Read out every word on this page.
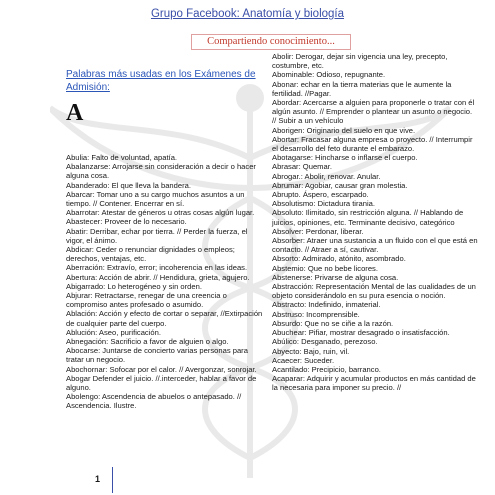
Grupo Facebook: Anatomía y biología
Compartiendo conocimiento...
Palabras más usadas en los Exámenes de Admisión:
A

Abulia: Falto de voluntad, apatía.

Abalanzarse: Arrojarse sin consideración a decir o hacer alguna cosa.

Abanderado: El que lleva la bandera.

Abarcar: Tomar uno a su cargo muchos asuntos a un tiempo. // Contener. Encerrar en sí.

Abarrotar: Atestar de géneros u otras cosas algún lugar.

Abastecer: Proveer de lo necesario.

Abatir: Derribar, echar por tierra. // Perder la fuerza, el vigor, el ánimo.

Abdicar: Ceder o renunciar dignidades o empleos; derechos, ventajas, etc.

Aberración: Extravío, error; incoherencia en las ideas.

Abertura: Acción de abrir. // Hendidura, grieta, agujero.

Abigarrado: Lo heterogéneo y sin orden.

Abjurar: Retractarse, renegar de una creencia o compromiso antes profesado o asumido.

Ablación: Acción y efecto de cortar o separar, //Extirpación de cualquier parte del cuerpo.

Ablución: Aseo, purificación.

Abnegación: Sacrificio a favor de alguien o algo.

Abocarse: Juntarse de concierto varias personas para tratar un negocio.

Abochornar: Sofocar por el calor. // Avergonzar, sonrojar.

Abogar Defender el juicio. //.interceder, hablar a favor de alguno.

Abolengo: Ascendencia de abuelos o antepasado. // Ascendencia. Ilustre.

Abolir: Derogar, dejar sin vigencia una ley, precepto, costumbre, etc.

Abominable: Odioso, repugnante.

Abonar: echar en la tierra materias que le aumente la fertilidad. //Pagar.

Abordar: Acercarse a alguien para proponerle o tratar con él algún asunto. // Emprender o plantear un asunto o negocio. // Subir a un vehículo

Aborigen: Originario del suelo en que vive.

Abortar: Fracasar alguna empresa o proyecto. // Interrumpir el desarrollo del feto durante el embarazo.

Abotagarse: Hincharse o inflarse el cuerpo.

Abrasar: Quemar.

Abrogar.: Abolir, renovar. Anular.

Abrumar: Agobiar, causar gran molestia.

Abrupto. Áspero, escarpado.

Absolutismo: Dictadura tirania.

Absoluto: Ilimitado, sin restricción alguna. // Hablando de juicios, opiniones, etc. Terminante decisivo, categórico

Absolver: Perdonar, liberar.

Absorber: Atraer una sustancia a un fluido con el que está en contacto. // Atraer a sí, cautivar.

Absorto: Admirado, atónito, asombrado.

Abstemio: Que no bebe licores.

Abstenerse: Privarse de alguna cosa.

Abstracción: Representación Mental de las cualidades de un objeto considerándolo en su pura esencia o noción.

Abstracto: Indefinido, inmaterial.

Abstruso: Incomprensible.

Absurdo: Que no se ciñe a la razón.

Abuchear: Pifiar, mostrar desagrado o insatisfacción.

Abúlico: Desganado, perezoso.

Abyecto: Bajo, ruin, vil.

Acaecer: Suceder.

Acantilado: Precipicio, barranco.

Acaparar: Adquirir y acumular productos en más cantidad de la necesaria para imponer su precio. //

1
